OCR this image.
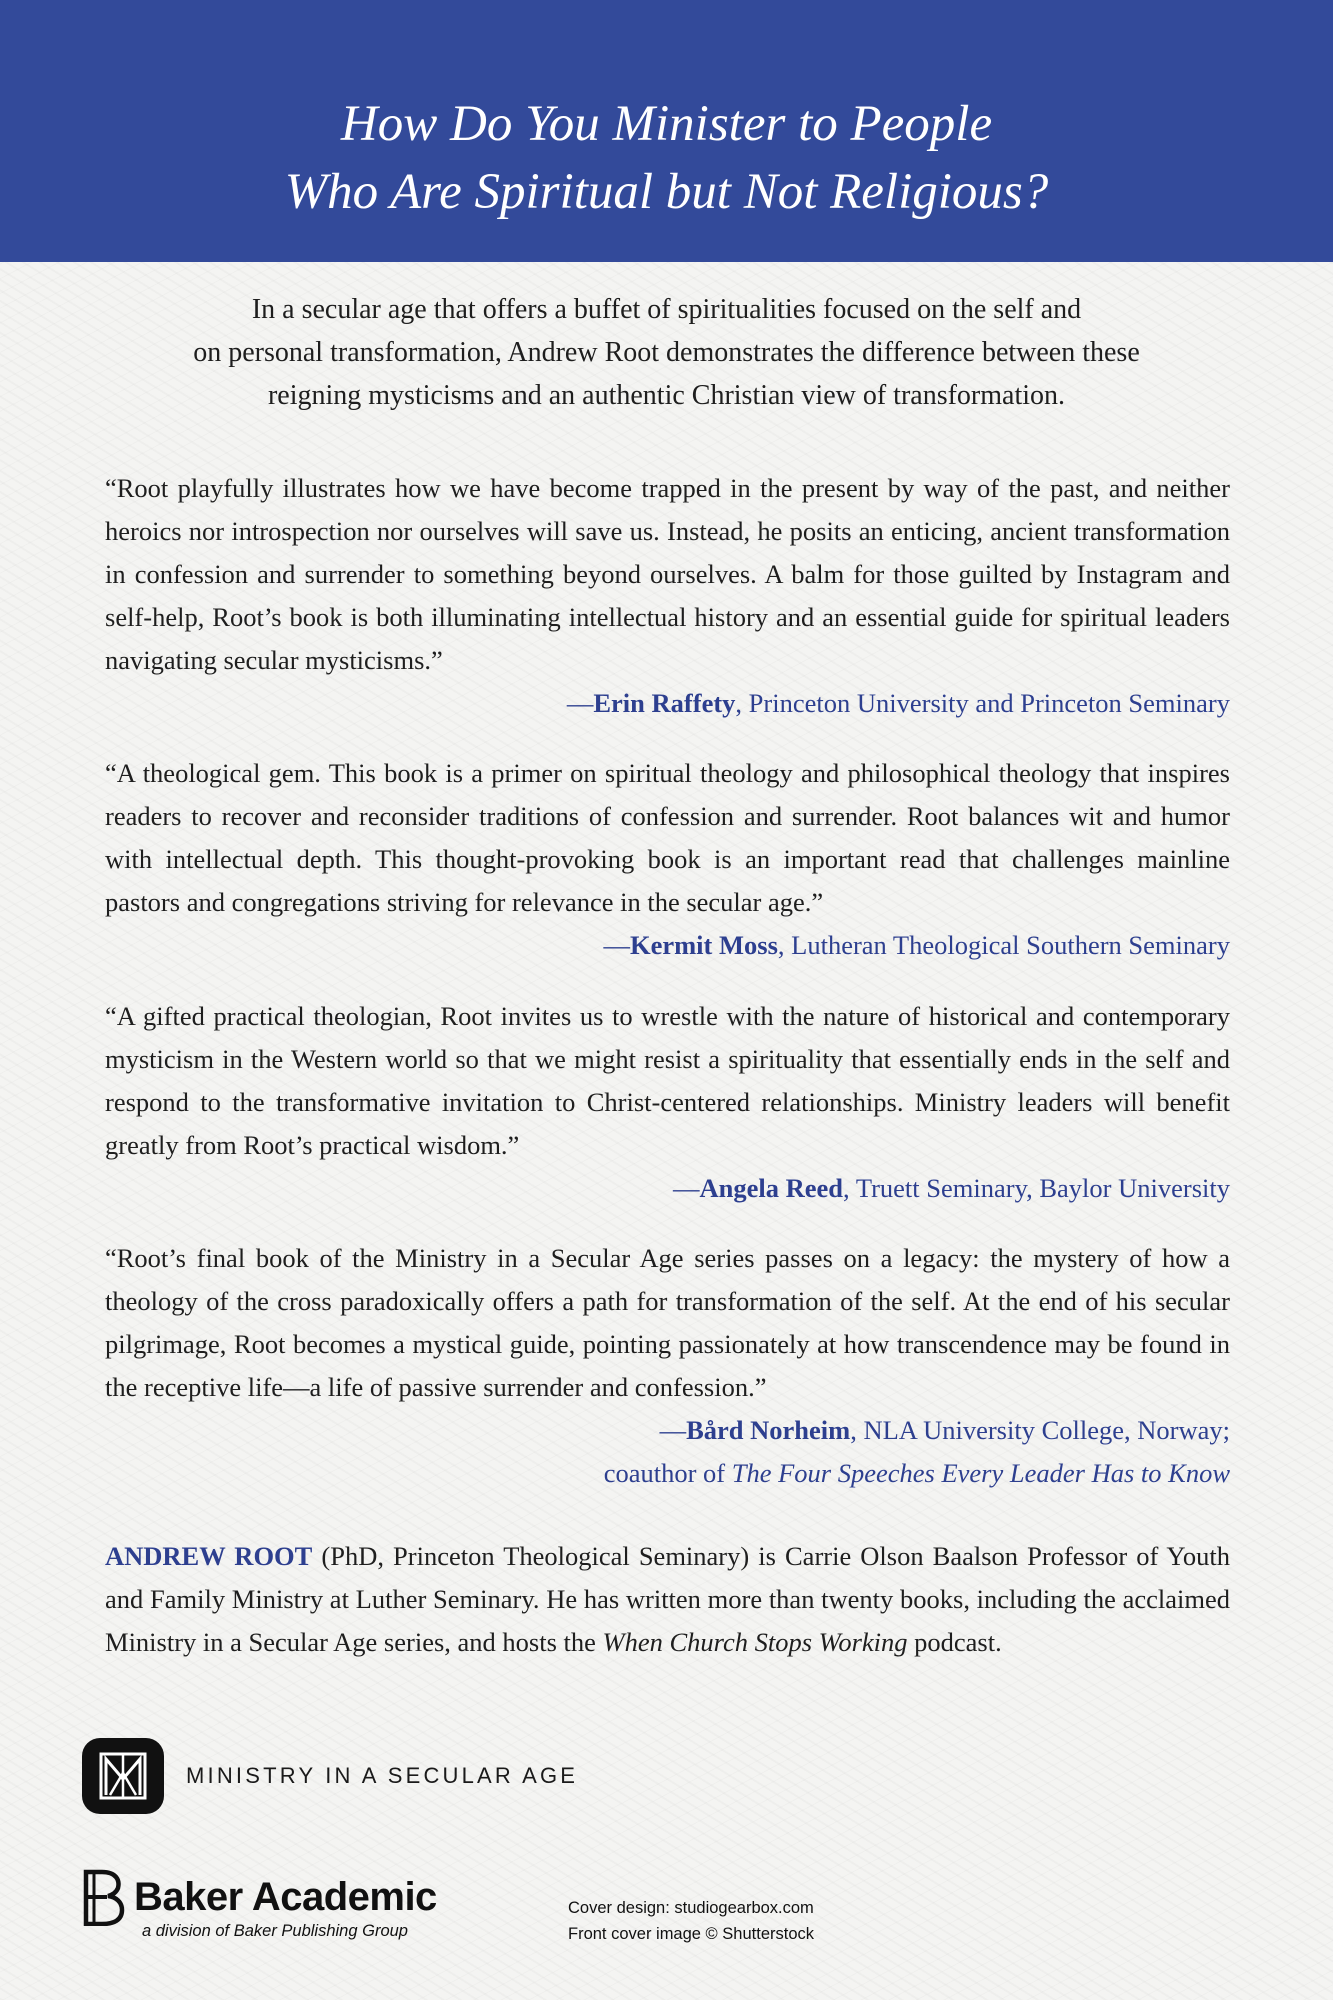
How Do You Minister to People
Who Are Spiritual but Not Religious?
In a secular age that offers a buffet of spiritualities focused on the self and
on personal transformation, Andrew Root demonstrates the difference between these
reigning mysticisms and an authentic Christian view of transformation.
“Root playfully illustrates how we have become trapped in the present by way of the past, and neither heroics nor introspection nor ourselves will save us. Instead, he posits an enticing, ancient transformation in confession and surrender to something beyond ourselves. A balm for those guilted by Instagram and self-help, Root’s book is both illuminating intellectual history and an essential guide for spiritual leaders navigating secular mysticisms.”
—Erin Raffety, Princeton University and Princeton Seminary
“A theological gem. This book is a primer on spiritual theology and philosophical theology that inspires readers to recover and reconsider traditions of confession and surrender. Root balances wit and humor with intellectual depth. This thought-provoking book is an important read that challenges mainline pastors and congregations striving for relevance in the secular age.”
—Kermit Moss, Lutheran Theological Southern Seminary
“A gifted practical theologian, Root invites us to wrestle with the nature of historical and contemporary mysticism in the Western world so that we might resist a spirituality that essentially ends in the self and respond to the transformative invitation to Christ-centered relationships. Ministry leaders will benefit greatly from Root’s practical wisdom.”
—Angela Reed, Truett Seminary, Baylor University
“Root’s final book of the Ministry in a Secular Age series passes on a legacy: the mystery of how a theology of the cross paradoxically offers a path for transformation of the self. At the end of his secular pilgrimage, Root becomes a mystical guide, pointing passionately at how transcendence may be found in the receptive life—a life of passive surrender and confession.”
—Bård Norheim, NLA University College, Norway;
coauthor of The Four Speeches Every Leader Has to Know
ANDREW ROOT (PhD, Princeton Theological Seminary) is Carrie Olson Baalson Professor of Youth and Family Ministry at Luther Seminary. He has written more than twenty books, including the acclaimed Ministry in a Secular Age series, and hosts the When Church Stops Working podcast.
MINISTRY IN A SECULAR AGE
Baker Academic
a division of Baker Publishing Group
Cover design: studiogearbox.com
Front cover image © Shutterstock
